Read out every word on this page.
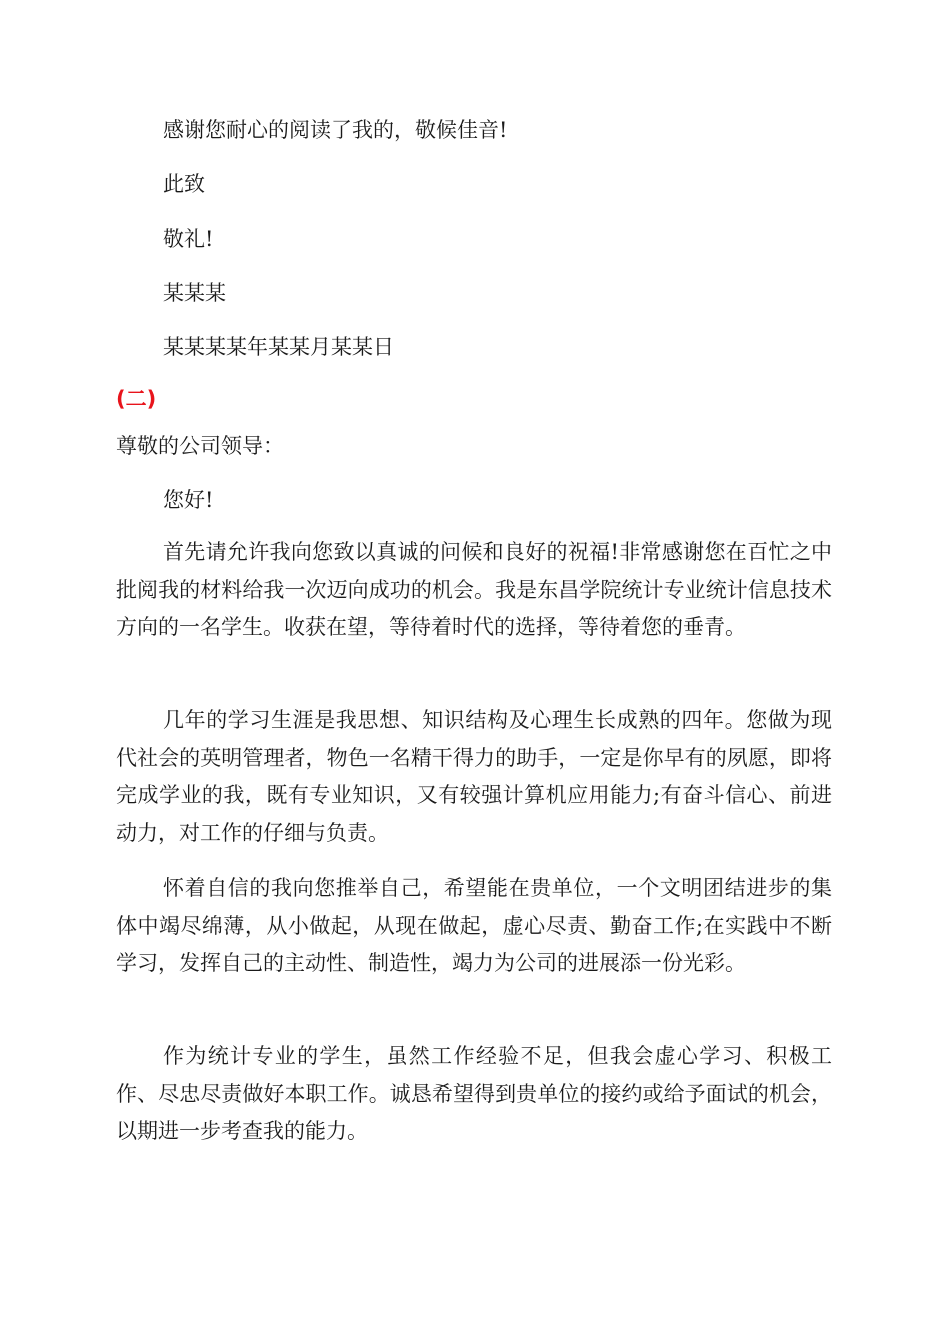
感谢您耐心的阅读了我的，敬候佳音!
此致
敬礼!
某某某
某某某某年某某月某某日
(二)
尊敬的公司领导：
您好!

首先请允许我向您致以真诚的问候和良好的祝福!非常感谢您在百忙之中批阅我的材料给我一次迈向成功的机会。我是东昌学院统计专业统计信息技术方向的一名学生。收获在望，等待着时代的选择，等待着您的垂青。

几年的学习生涯是我思想、知识结构及心理生长成熟的四年。您做为现代社会的英明管理者，物色一名精干得力的助手，一定是你早有的夙愿，即将完成学业的我，既有专业知识，又有较强计算机应用能力;有奋斗信心、前进动力，对工作的仔细与负责。

怀着自信的我向您推举自己，希望能在贵单位，一个文明团结进步的集体中竭尽绵薄，从小做起，从现在做起，虚心尽责、勤奋工作;在实践中不断学习，发挥自己的主动性、制造性，竭力为公司的进展添一份光彩。

作为统计专业的学生，虽然工作经验不足，但我会虚心学习、积极工作、尽忠尽责做好本职工作。诚恳希望得到贵单位的接约或给予面试的机会，以期进一步考查我的能力。
